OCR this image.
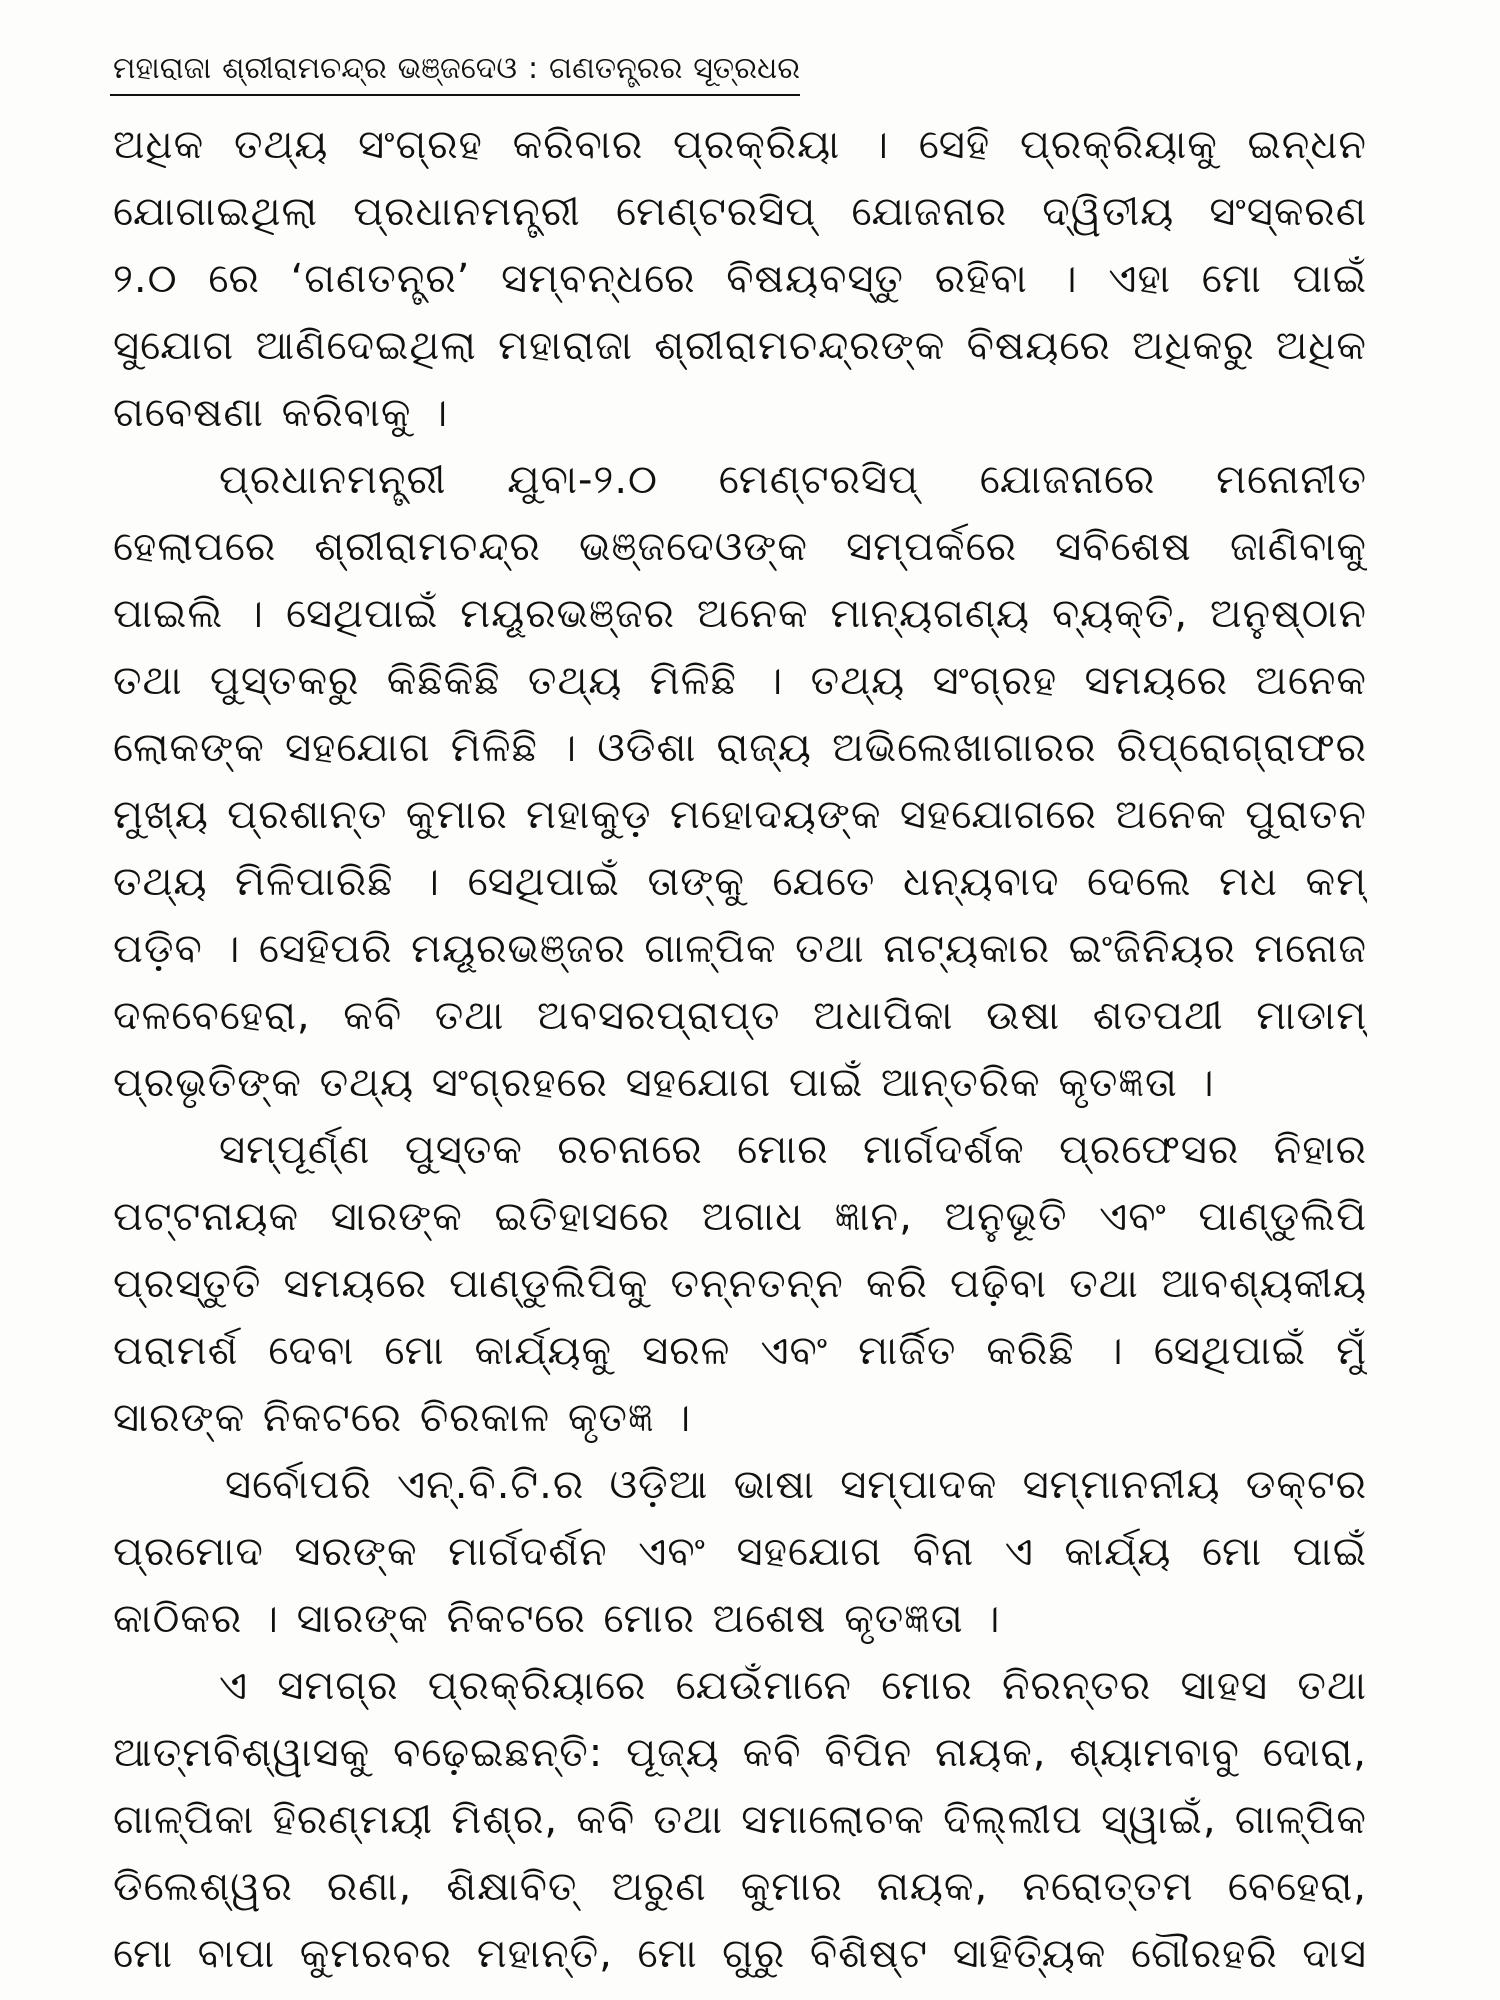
ମହାରାଜା ଶ୍ରୀରାମଚନ୍ଦ୍ର ଭଞ୍ଜଦେଓ : ଗଣତନ୍ତ୍ରର ସୂତ୍ରଧର
ଅଧିକ ତଥ୍ୟ ସଂଗ୍ରହ କରିବାର ପ୍ରକ୍ରିୟା । ସେହି ପ୍ରକ୍ରିୟାକୁ ଇନ୍ଧନ
ଯୋଗାଇଥିଲା ପ୍ରଧାନମନ୍ତ୍ରୀ ମେଣ୍ଟରସିପ୍ ଯୋଜନାର ଦ୍ୱିତୀୟ ସଂସ୍କରଣ
୨.୦ ରେ ‘ଗଣତନ୍ତ୍ର’ ସମ୍ବନ୍ଧରେ ବିଷୟବସ୍ତୁ ରହିବା । ଏହା ମୋ ପାଇଁ
ସୁଯୋଗ ଆଣିଦେଇଥିଲା ମହାରାଜା ଶ୍ରୀରାମଚନ୍ଦ୍ରଙ୍କ ବିଷୟରେ ଅଧିକରୁ ଅଧିକ
ଗବେଷଣା କରିବାକୁ ।
ପ୍ରଧାନମନ୍ତ୍ରୀ ଯୁବା-୨.୦ ମେଣ୍ଟରସିପ୍ ଯୋଜନାରେ ମନୋନୀତ
ହେଲାପରେ ଶ୍ରୀରାମଚନ୍ଦ୍ର ଭଞ୍ଜଦେଓଙ୍କ ସମ୍ପର୍କରେ ସବିଶେଷ ଜାଣିବାକୁ
ପାଇଲି । ସେଥିପାଇଁ ମୟୂରଭଞ୍ଜର ଅନେକ ମାନ୍ୟଗଣ୍ୟ ବ୍ୟକ୍ତି, ଅନୁଷ୍ଠାନ
ତଥା ପୁସ୍ତକରୁ କିଛିକିଛି ତଥ୍ୟ ମିଳିଛି । ତଥ୍ୟ ସଂଗ୍ରହ ସମୟରେ ଅନେକ
ଲୋକଙ୍କ ସହଯୋଗ ମିଳିଛି । ଓଡିଶା ରାଜ୍ୟ ଅଭିଲେଖାଗାରର ରିପ୍ରୋଗ୍ରାଫର
ମୁଖ୍ୟ ପ୍ରଶାନ୍ତ କୁମାର ମହାକୁଡ଼ ମହୋଦୟଙ୍କ ସହଯୋଗରେ ଅନେକ ପୁରାତନ
ତଥ୍ୟ ମିଳିପାରିଛି । ସେଥିପାଇଁ ତାଙ୍କୁ ଯେତେ ଧନ୍ୟବାଦ ଦେଲେ ମଧ କମ୍
ପଡ଼ିବ । ସେହିପରି ମୟୂରଭଞ୍ଜର ଗାଳ୍ପିକ ତଥା ନାଟ୍ୟକାର ଇଂଜିନିୟର ମନୋଜ
ଦଳବେହେରା, କବି ତଥା ଅବସରପ୍ରାପ୍ତ ଅଧାପିକା ଉଷା ଶତପଥୀ ମାଡାମ୍
ପ୍ରଭୃତିଙ୍କ ତଥ୍ୟ ସଂଗ୍ରହରେ ସହଯୋଗ ପାଇଁ ଆନ୍ତରିକ କୃତଜ୍ଞତା ।
ସମ୍ପୂର୍ଣ୍ଣ ପୁସ୍ତକ ରଚନାରେ ମୋର ମାର୍ଗଦର୍ଶକ ପ୍ରଫେସର ନିହାର
ପଟ୍ଟନାୟକ ସାରଙ୍କ ଇତିହାସରେ ଅଗାଧ ଜ୍ଞାନ, ଅନୁଭୂତି ଏବଂ ପାଣ୍ଡୁଲିପି
ପ୍ରସ୍ତୁତି ସମୟରେ ପାଣ୍ଡୁଲିପିକୁ ତନ୍ନତନ୍ନ କରି ପଢ଼ିବା ତଥା ଆବଶ୍ୟକୀୟ
ପରାମର୍ଶ ଦେବା ମୋ କାର୍ଯ୍ୟକୁ ସରଳ ଏବଂ ମାର୍ଜିତ କରିଛି । ସେଥିପାଇଁ ମୁଁ
ସାରଙ୍କ ନିକଟରେ ଚିରକାଳ କୃତଜ୍ଞ ।
ସର୍ବୋପରି ଏନ୍.ବି.ଟି.ର ଓଡ଼ିଆ ଭାଷା ସମ୍ପାଦକ ସମ୍ମାନନୀୟ ଡକ୍ଟର
ପ୍ରମୋଦ ସରଙ୍କ ମାର୍ଗଦର୍ଶନ ଏବଂ ସହଯୋଗ ବିନା ଏ କାର୍ଯ୍ୟ ମୋ ପାଇଁ
କାଠିକର । ସାରଙ୍କ ନିକଟରେ ମୋର ଅଶେଷ କୃତଜ୍ଞତା ।
ଏ ସମଗ୍ର ପ୍ରକ୍ରିୟାରେ ଯେଉଁମାନେ ମୋର ନିରନ୍ତର ସାହସ ତଥା
ଆତ୍ମବିଶ୍ୱାସକୁ ବଢ଼େଇଛନ୍ତି: ପୂଜ୍ୟ କବି ବିପିନ ନାୟକ, ଶ୍ୟାମବାବୁ ଦୋରା,
ଗାଳ୍ପିକା ହିରଣ୍ମୟୀ ମିଶ୍ର, କବି ତଥା ସମାଲୋଚକ ଦିଲ୍ଲୀପ ସ୍ୱାଇଁ, ଗାଳ୍ପିକ
ଡିଲେଶ୍ୱର ରଣା, ଶିକ୍ଷାବିତ୍ ଅରୁଣ କୁମାର ନାୟକ, ନରୋତ୍ତମ ବେହେରା,
ମୋ ବାପା କୁମରବର ମହାନ୍ତି, ମୋ ଗୁରୁ ବିଶିଷ୍ଟ ସାହିତ୍ୟିକ ଗୌରହରି ଦାସ
